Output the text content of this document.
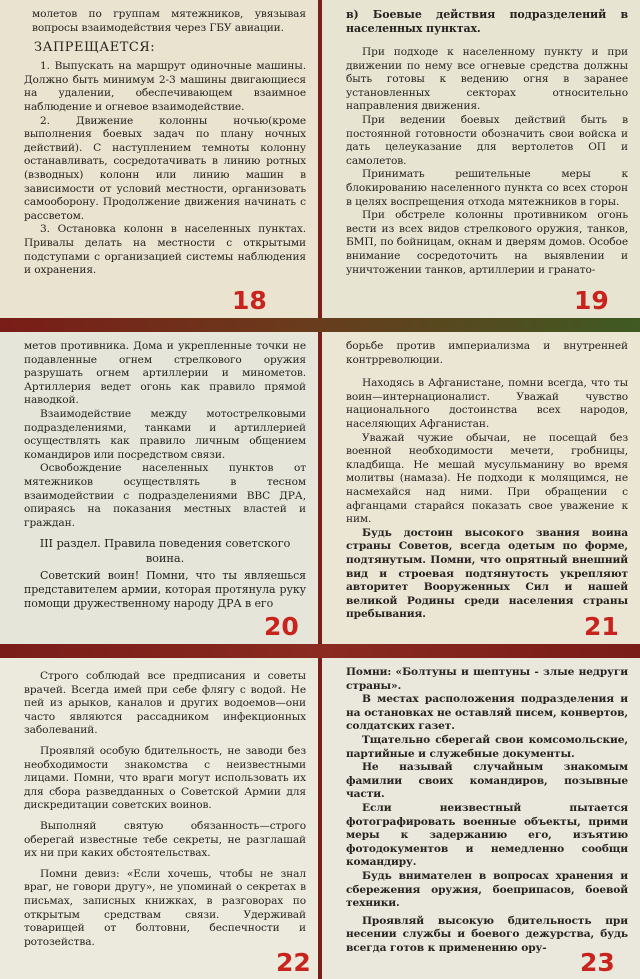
молетов по группам мятежников, увязывая вопросы взаимодействия через ГБУ авиации.

ЗАПРЕЩАЕТСЯ:

1. Выпускать на маршрут одиночные машины. Должно быть минимум 2-3 машины двигающиеся на удалении, обеспечивающем взаимное наблюдение и огневое взаимодействие.

2. Движение колонны ночью(кроме выполнения боевых задач по плану ночных действий). С наступлением темноты колонну останавливать, сосредотачивать в линию ротных (взводных) колонн или линию машин в зависимости от условий местности, организовать самооборону. Продолжение движения начинать с рассветом.

3. Остановка колонн в населенных пунктах. Привалы делать на местности с открытыми подступами с организацией системы наблюдения и охранения.

18

в) Боевые действия подразделений в населенных пунктах.

При подходе к населенному пункту и при движении по нему все огневые средства должны быть готовы к ведению огня в заранее установленных секторах относительно направления движения.

При ведении боевых действий быть в постоянной готовности обозначить свои войска и дать целеуказание для вертолетов ОП и самолетов.

Принимать решительные меры к блокированию населенного пункта со всех сторон в целях воспрещения отхода мятежников в горы.

При обстреле колонны противником огонь вести из всех видов стрелкового оружия, танков, БМП, по бойницам, окнам и дверям домов. Особое внимание сосредоточить на выявлении и уничтожении танков, артиллерии и гранато-

19

метов противника. Дома и укрепленные точки не подавленные огнем стрелкового оружия разрушать огнем артиллерии и минометов. Артиллерия ведет огонь как правило прямой наводкой.

Взаимодействие между мотострелковыми подразделениями, танками и артиллерией осуществлять как правило личным общением командиров или посредством связи.

Освобождение населенных пунктов от мятежников осуществлять в тесном взаимодействии с подразделениями ВВС ДРА, опираясь на показания местных властей и граждан.

III раздел. Правила поведения советского воина.

Советский воин! Помни, что ты являешься представителем армии, которая протянула руку помощи дружественному народу ДРА в его

20

борьбе против империализма и внутренней контрреволюции.

Находясь в Афганистане, помни всегда, что ты воин—интернационалист. Уважай чувство национального достоинства всех народов, населяющих Афганистан.

Уважай чужие обычаи, не посещай без военной необходимости мечети, гробницы, кладбища. Не мешай мусульманину во время молитвы (намаза). Не подходи к молящимся, не насмехайся над ними. При обращении с афганцами старайся показать свое уважение к ним.

Будь достоин высокого звания воина страны Советов, всегда одетым по форме, подтянутым. Помни, что опрятный внешний вид и строевая подтянутость укрепляют авторитет Вооруженных Сил и нашей великой Родины среди населения страны пребывания.	21

Строго соблюдай все предписания и советы врачей. Всегда имей при себе флягу с водой. Не пей из арыков, каналов и других водоемов—они часто являются рассадником инфекционных заболеваний.

Проявляй особую бдительность, не заводи без необходимости знакомства с неизвестными лицами. Помни, что враги могут использовать их для сбора разведданных о Советской Армии для дискредитации советских воинов.

Выполняй святую обязанность—строго оберегай известные тебе секреты, не разглашай их ни при каких обстоятельствах.

Помни девиз: «Если хочешь, чтобы не знал враг, не говори другу», не упоминай о секретах в письмах, записных книжках, в разговорах по открытым средствам связи. Удерживай товарищей от болтовни, беспечности и ротозейства.

22

Помни: «Болтуны и шептуны - злые недруги страны».

В местах расположения подразделения и на остановках не оставляй писем, конвертов, солдатских газет.

Тщательно сберегай свои комсомольские, партийные и служебные документы.

Не называй случайным знакомым фамилии своих командиров, позывные части.

Если неизвестный пытается фотографировать военные объекты, прими меры к задержанию его, изъятию фотодокументов и немедленно сообщи командиру.

Будь внимателен в вопросах хранения и сбережения оружия, боеприпасов, боевой техники.

Проявляй высокую бдительность при несении службы и боевого дежурства, будь всегда готов к применению ору-

23
